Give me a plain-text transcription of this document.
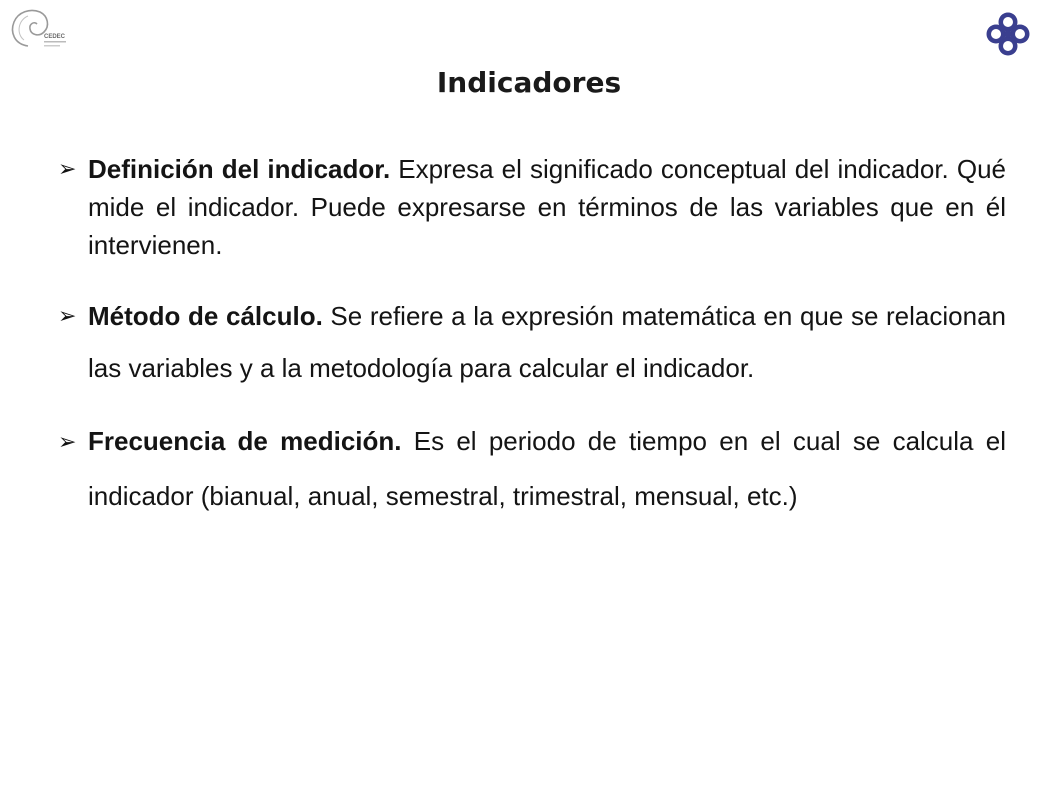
CEDEC
Indicadores
➢ Definición del indicador. Expresa el significado conceptual del indicador. Qué mide el indicador. Puede expresarse en términos de las variables que en él intervienen.
➢ Método de cálculo. Se refiere a la expresión matemática en que se relacionan las variables y a la metodología para calcular el indicador.
➢ Frecuencia de medición. Es el periodo de tiempo en el cual se calcula el indicador (bianual, anual, semestral, trimestral, mensual, etc.)
